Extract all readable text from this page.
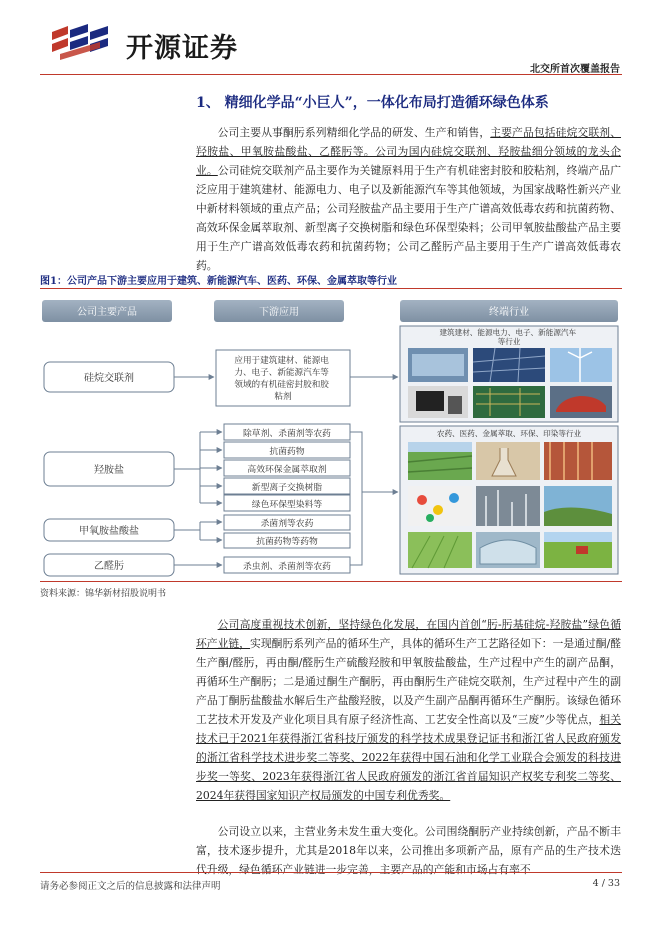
开源证券
北交所首次覆盖报告
1、 精细化学品“小巨人”，一体化布局打造循环绿色体系

公司主要从事酮肟系列精细化学品的研发、生产和销售，主要产品包括硅烷交联剂、羟胺盐、甲氧胺盐酸盐、乙醛肟等。公司为国内硅烷交联剂、羟胺盐细分领域的龙头企业。公司硅烷交联剂产品主要作为关键原料用于生产有机硅密封胶和胶粘剂，终端产品广泛应用于建筑建材、能源电力、电子以及新能源汽车等其他领域，为国家战略性新兴产业中新材料领域的重点产品；公司羟胺盐产品主要用于生产广谱高效低毒农药和抗菌药物、高效环保金属萃取剂、新型离子交换树脂和绿色环保型染料；公司甲氧胺盐酸盐产品主要用于生产广谱高效低毒农药和抗菌药物；公司乙醛肟产品主要用于生产广谱高效低毒农药。

图1：公司产品下游主要应用于建筑、新能源汽车、医药、环保、金属萃取等行业
公司主要产品	下游应用	终端行业
硅烷交联剂
羟胺盐
甲氧胺盐酸盐
乙醛肟
应用于建筑建材、能源电 力、电子、新能源汽车等 领域的有机硅密封胶和胶 粘剂
除草剂、杀菌剂等农药
抗菌药物
高效环保金属萃取剂
新型离子交换树脂
绿色环保型染料等
杀菌剂等农药
抗菌药物等药物
杀虫剂、杀菌剂等农药
建筑建材、能源电力、电子、新能源汽车 等行业
农药、医药、金属萃取、环保、印染等行业
资料来源：锦华新材招股说明书

公司高度重视技术创新，坚持绿色化发展，在国内首创“肟-肟基硅烷-羟胺盐”绿色循环产业链，实现酮肟系列产品的循环生产，具体的循环生产工艺路径如下：一是通过酮/醛生产酮/醛肟，再由酮/醛肟生产硫酸羟胺和甲氧胺盐酸盐，生产过程中产生的副产品酮，再循环生产酮肟；二是通过酮生产酮肟，再由酮肟生产硅烷交联剂，生产过程中产生的副产品丁酮肟盐酸盐水解后生产盐酸羟胺，以及产生副产品酮再循环生产酮肟。该绿色循环工艺技术开发及产业化项目具有原子经济性高、工艺安全性高以及“三废”少等优点，相关技术已于2021年获得浙江省科技厅颁发的科学技术成果登记证书和浙江省人民政府颁发的浙江省科学技术进步奖二等奖、2022年获得中国石油和化学工业联合会颁发的科技进步奖一等奖、2023年获得浙江省人民政府颁发的浙江省首届知识产权奖专利奖二等奖、2024年获得国家知识产权局颁发的中国专利优秀奖。

公司设立以来，主营业务未发生重大变化。公司围绕酮肟产业持续创新，产品不断丰富，技术逐步提升，尤其是2018年以来，公司推出多项新产品，原有产品的生产技术迭代升级，绿色循环产业链进一步完善，主要产品的产能和市场占有率不

请务必参阅正文之后的信息披露和法律声明	4 / 33
